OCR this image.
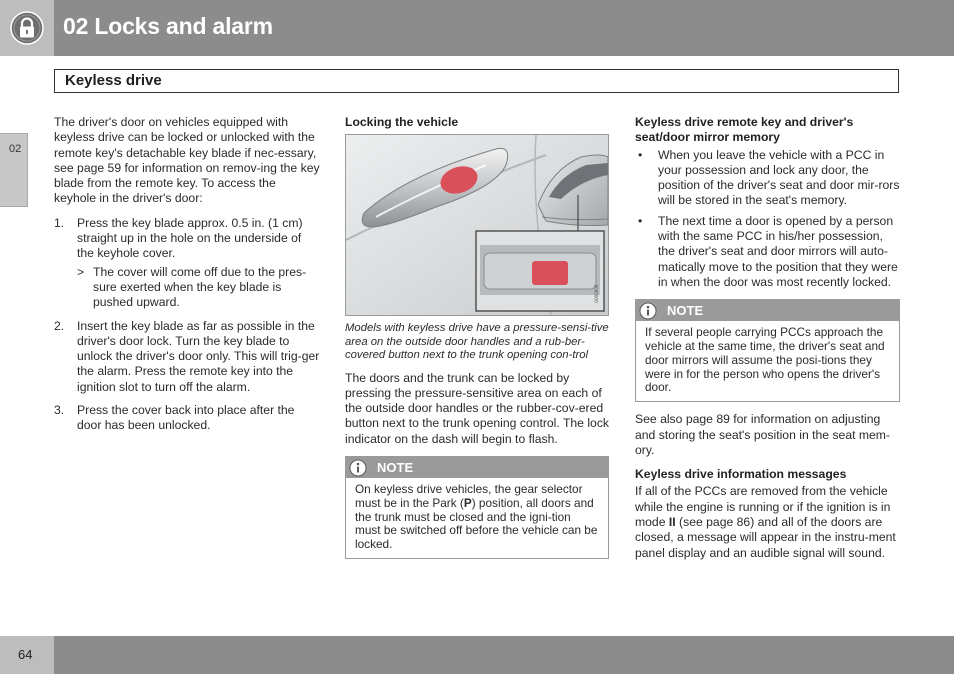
02 Locks and alarm
Keyless drive
02

The driver's door on vehicles equipped with keyless drive can be locked or unlocked with the remote key's detachable key blade if nec-essary, see page 59 for information on remov-ing the key blade from the remote key. To access the keyhole in the driver's door:

1. Press the key blade approx. 0.5 in. (1 cm) straight up in the hole on the underside of the keyhole cover.
> The cover will come off due to the pres-sure exerted when the key blade is pushed upward.
2. Insert the key blade as far as possible in the driver's door lock. Turn the key blade to unlock the driver's door only. This will trig-ger the alarm. Press the remote key into the ignition slot to turn off the alarm.
3. Press the cover back into place after the door has been unlocked.
Locking the vehicle
G000000
Models with keyless drive have a pressure-sensi-tive area on the outside door handles and a rub-ber-covered button next to the trunk opening con-trol

The doors and the trunk can be locked by pressing the pressure-sensitive area on each of the outside door handles or the rubber-cov-ered button next to the trunk opening control. The lock indicator on the dash will begin to flash.

NOTE
On keyless drive vehicles, the gear selector must be in the Park (P) position, all doors and the trunk must be closed and the igni-tion must be switched off before the vehicle can be locked.
Keyless drive remote key and driver's seat/door mirror memory
• When you leave the vehicle with a PCC in your possession and lock any door, the position of the driver's seat and door mir-rors will be stored in the seat's memory.
• The next time a door is opened by a person with the same PCC in his/her possession, the driver's seat and door mirrors will auto-matically move to the position that they were in when the door was most recently locked.
NOTE
If several people carrying PCCs approach the vehicle at the same time, the driver's seat and door mirrors will assume the posi-tions they were in for the person who opens the driver's door.

See also page 89 for information on adjusting and storing the seat's position in the seat mem-ory.

Keyless drive information messages

If all of the PCCs are removed from the vehicle while the engine is running or if the ignition is in mode II (see page 86) and all of the doors are closed, a message will appear in the instru-ment panel display and an audible signal will sound.

64
